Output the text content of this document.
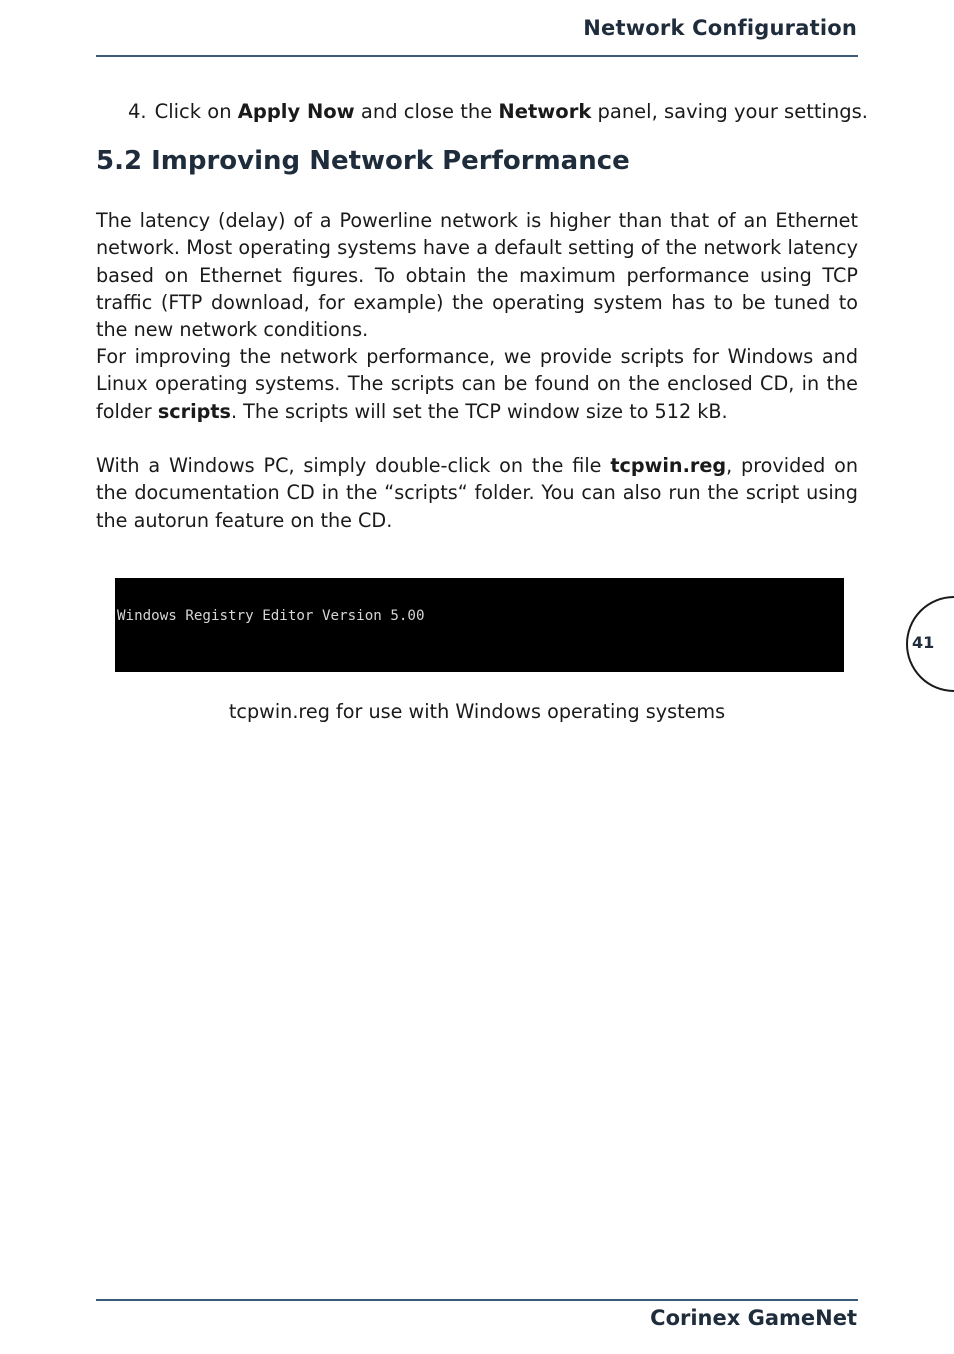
Network Configuration
4. Click on Apply Now and close the Network panel, saving your settings.
5.2 Improving Network Performance

The latency (delay) of a Powerline network is higher than that of an Ethernet network. Most operating systems have a default setting of the network latency based on Ethernet figures. To obtain the maximum performance using TCP traffic (FTP download, for example) the operating system has to be tuned to the new network conditions.

For improving the network performance, we provide scripts for Windows and Linux operating systems. The scripts can be found on the enclosed CD, in the folder scripts. The scripts will set the TCP window size to 512 kB.

With a Windows PC, simply double-click on the file tcpwin.reg, provided on the documentation CD in the “scripts“ folder. You can also run the script using the autorun feature on the CD.

Windows Registry Editor Version 5.00

tcpwin.reg for use with Windows operating systems
41
Corinex GameNet
